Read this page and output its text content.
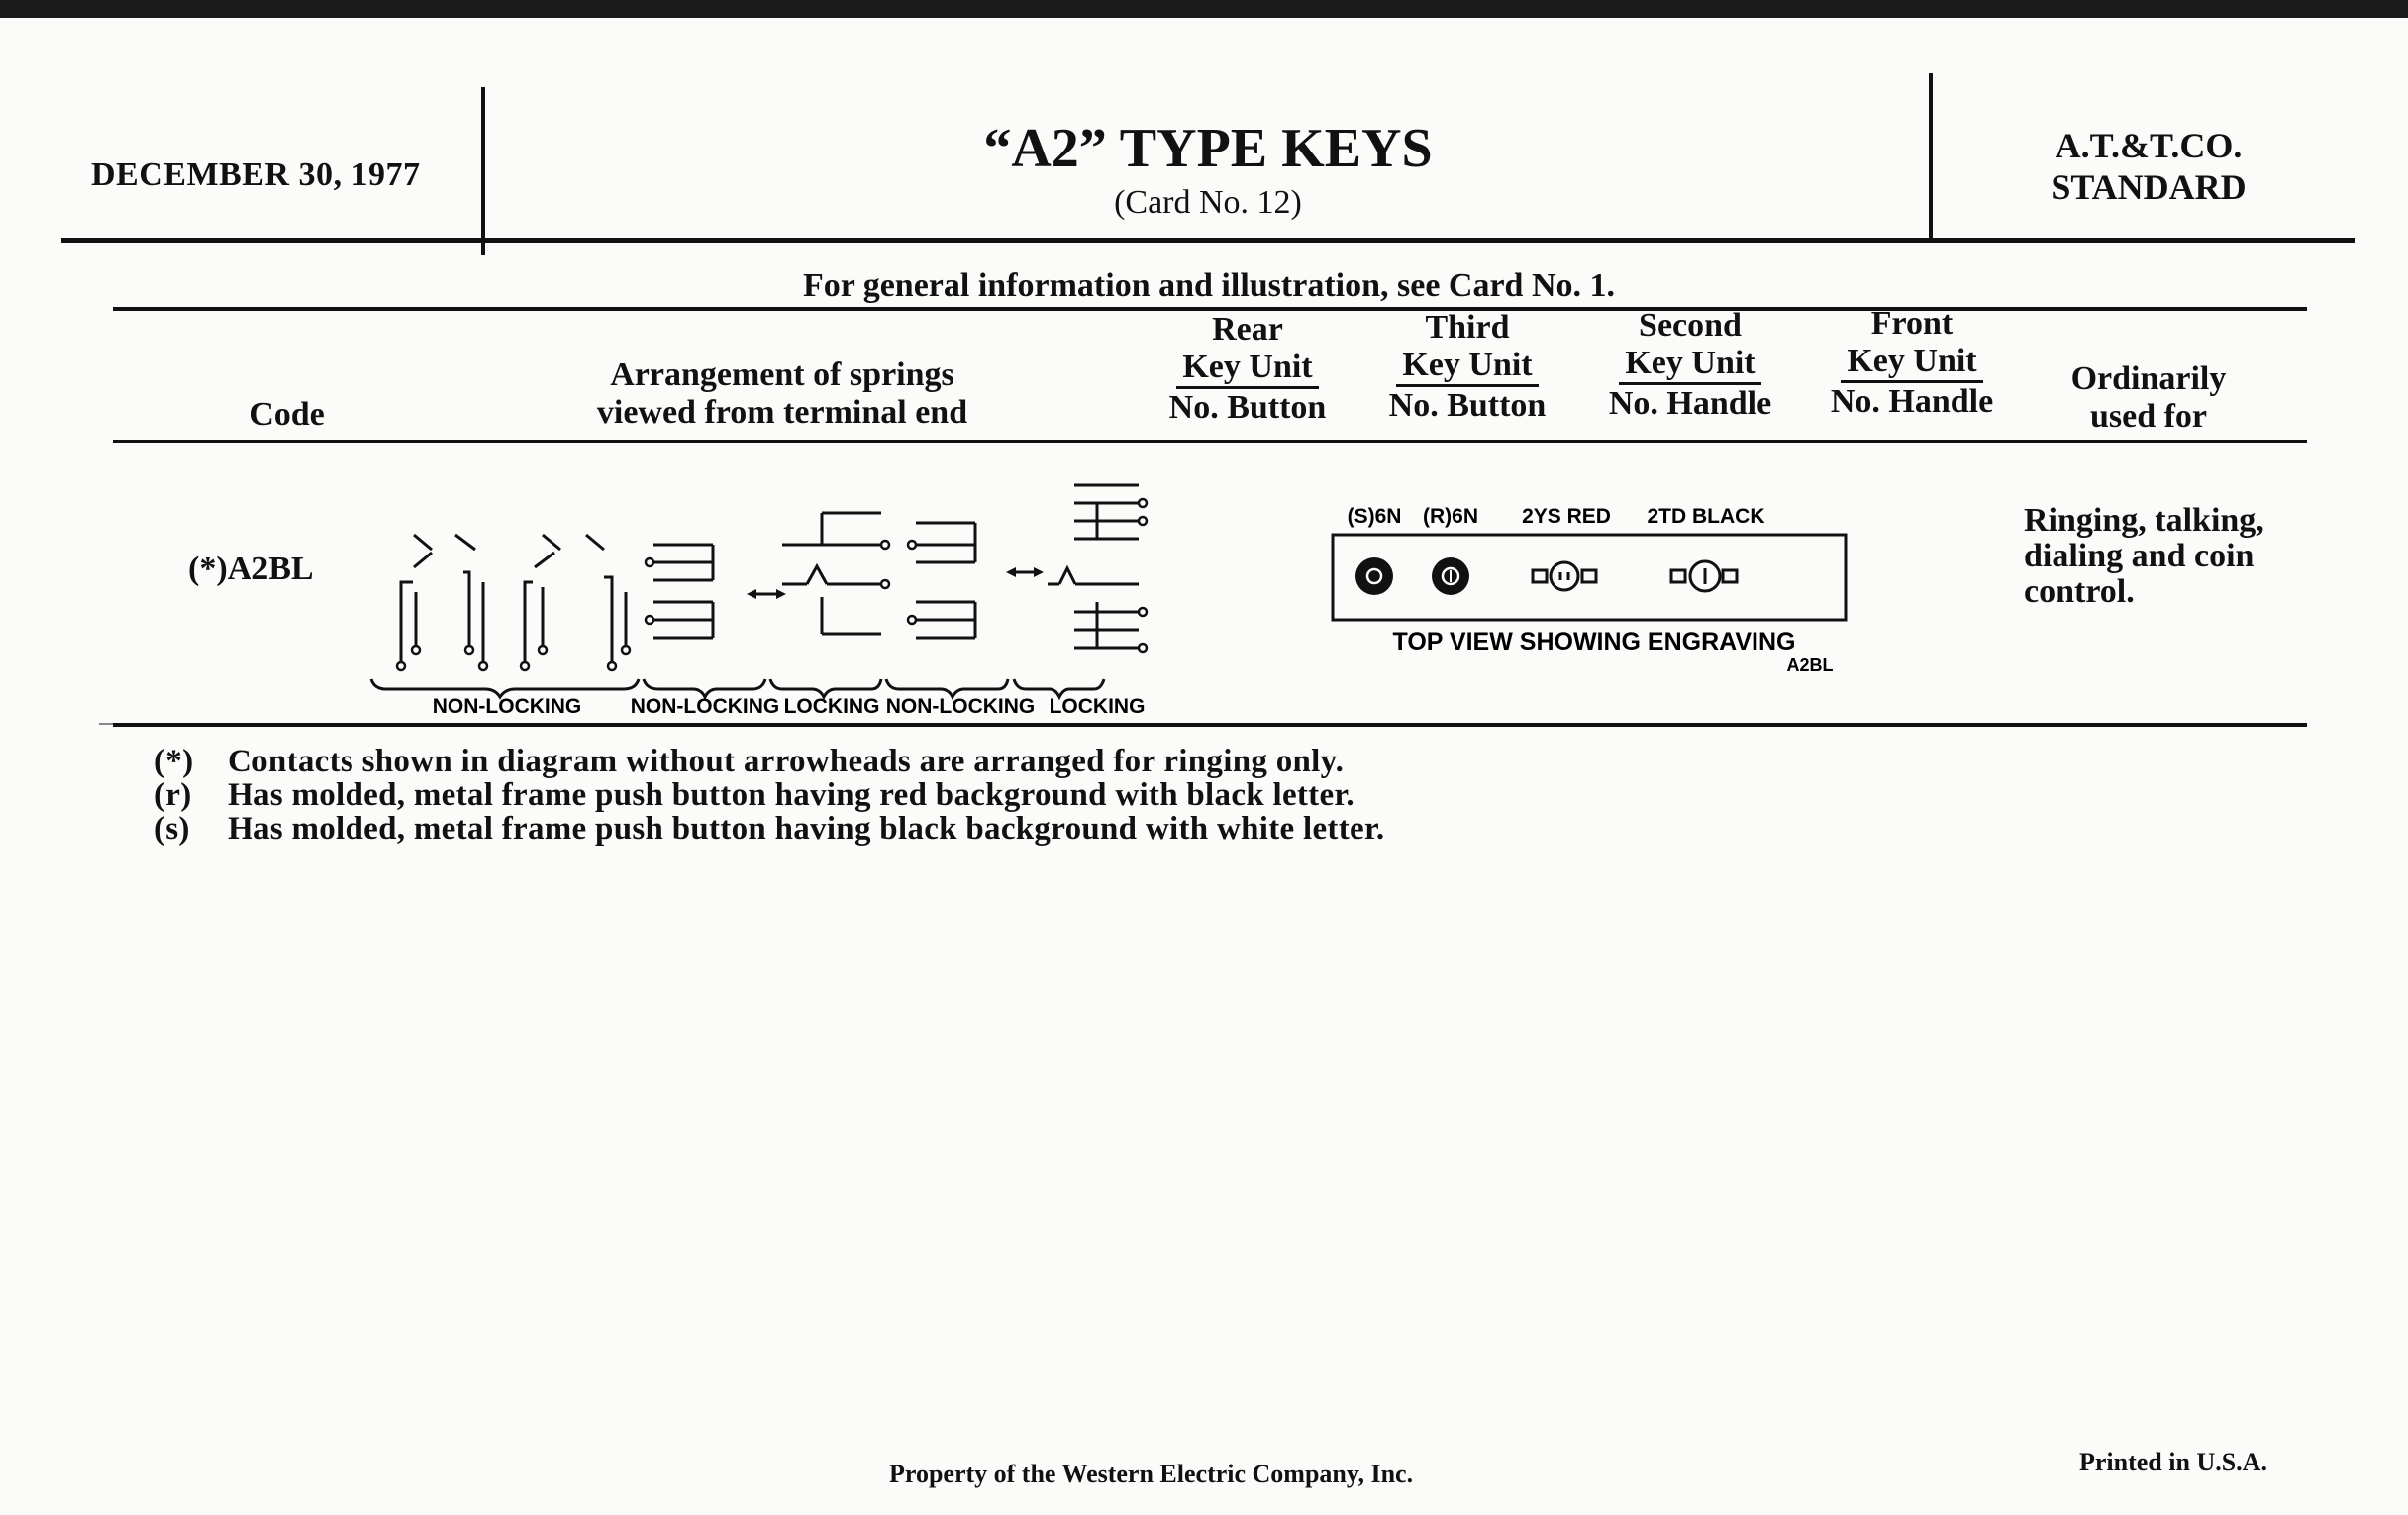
DECEMBER 30, 1977	“A2” TYPE KEYS
(Card No. 12)
A.T.&T.CO.
STANDARD
For general information and illustration, see Card No. 1.
Code
Arrangement of springs
viewed from terminal end
Rear
Key Unit
No. Button
Third
Key Unit
No. Button
Second
Key Unit
No. Handle
Front
Key Unit
No. Handle
Ordinarily
used for
(*)A2BL
NON-LOCKING NON-LOCKING LOCKING NON-LOCKING LOCKING
(S)6N (R)6N 2YS RED 2TD BLACK
TOP VIEW SHOWING ENGRAVING
A2BL
Ringing, talking,
dialing and coin
control.
(*) Contacts shown in diagram without arrowheads are arranged for ringing only.
(r) Has molded, metal frame push button having red background with black letter.
(s) Has molded, metal frame push button having black background with white letter.
Property of the Western Electric Company, Inc.	Printed in U.S.A.
